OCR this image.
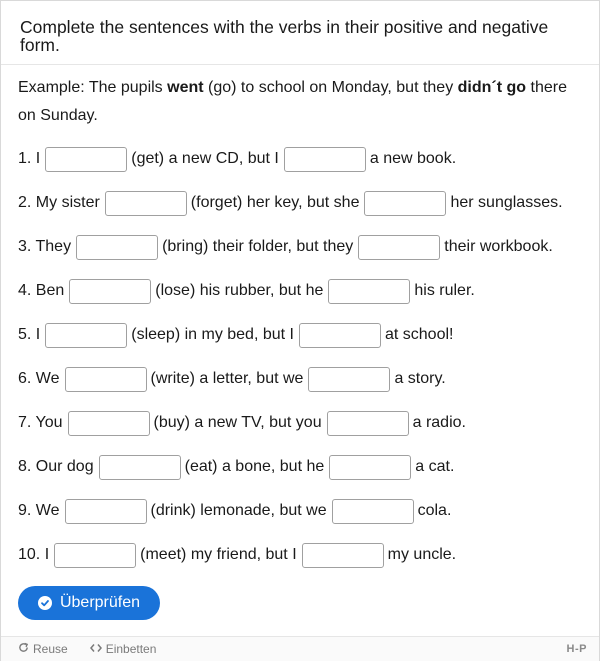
Complete the sentences with the verbs in their positive and negative form.
Example: The pupils went (go) to school on Monday, but they didn´t go there on Sunday.
1. I	(get) a new CD, but I	a new book.
2. My sister	(forget) her key, but she	her sunglasses.
3. They	(bring) their folder, but they	their workbook.
4. Ben	(lose) his rubber, but he	his ruler.
5. I	(sleep) in my bed, but I	at school!
6. We	(write) a letter, but we	a story.
7. You	(buy) a new TV, but you	a radio.
8. Our dog	(eat) a bone, but he	a cat.
9. We	(drink) lemonade, but we	cola.
10. I	(meet) my friend, but I	my uncle.
Überprüfen
Reuse	Einbetten	H-P
